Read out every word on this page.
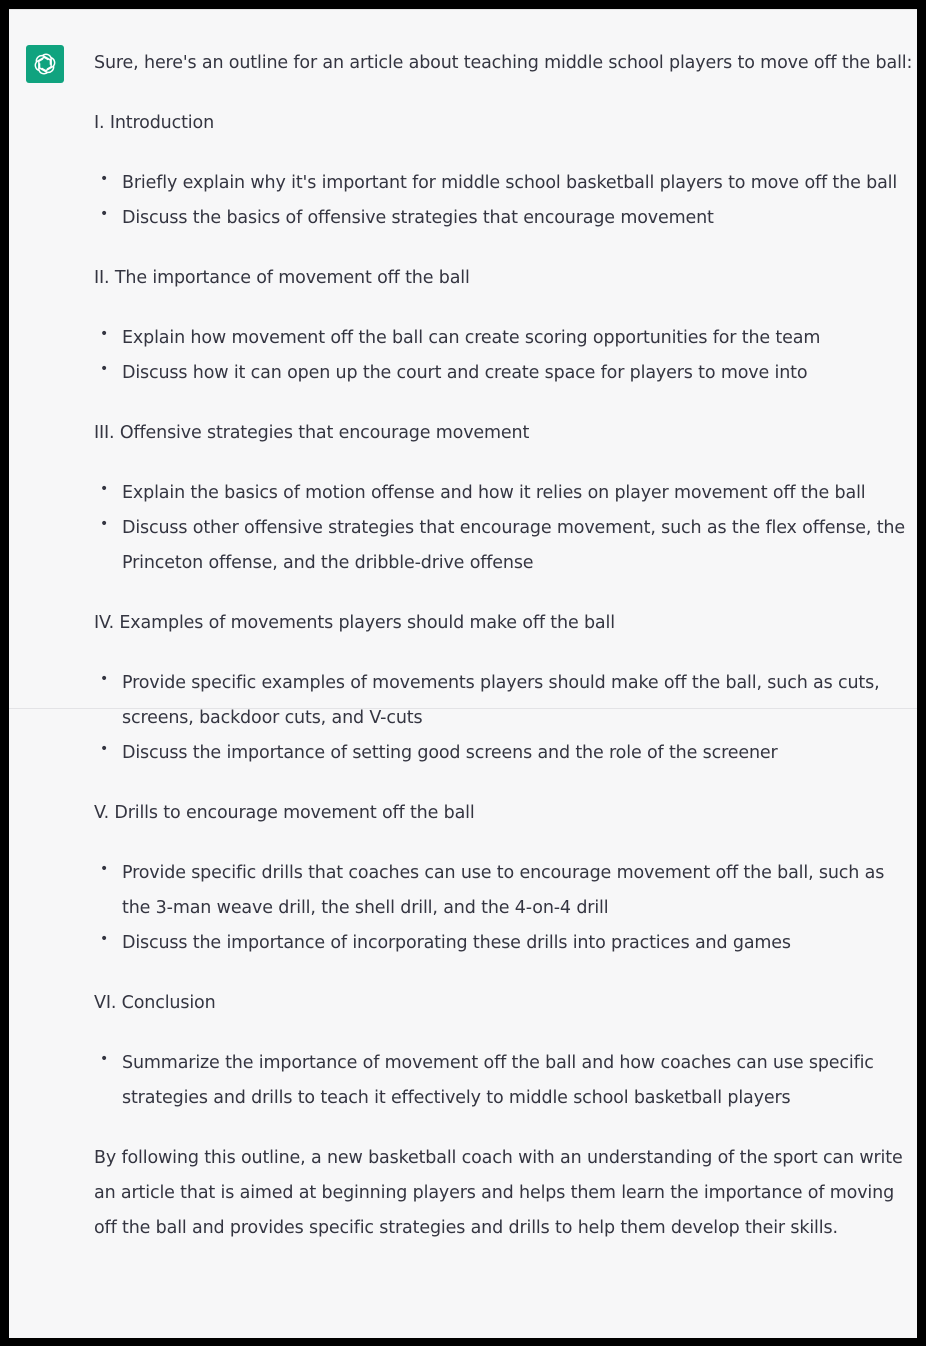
Sure, here's an outline for an article about teaching middle school players to move off the ball:

I. Introduction

• Briefly explain why it's important for middle school basketball players to move off the ball
• Discuss the basics of offensive strategies that encourage movement

II. The importance of movement off the ball

• Explain how movement off the ball can create scoring opportunities for the team
• Discuss how it can open up the court and create space for players to move into

III. Offensive strategies that encourage movement

• Explain the basics of motion offense and how it relies on player movement off the ball
• Discuss other offensive strategies that encourage movement, such as the flex offense, the Princeton offense, and the dribble-drive offense

IV. Examples of movements players should make off the ball

• Provide specific examples of movements players should make off the ball, such as cuts, screens, backdoor cuts, and V-cuts
• Discuss the importance of setting good screens and the role of the screener

V. Drills to encourage movement off the ball

• Provide specific drills that coaches can use to encourage movement off the ball, such as the 3-man weave drill, the shell drill, and the 4-on-4 drill
• Discuss the importance of incorporating these drills into practices and games

VI. Conclusion

• Summarize the importance of movement off the ball and how coaches can use specific strategies and drills to teach it effectively to middle school basketball players

By following this outline, a new basketball coach with an understanding of the sport can write an article that is aimed at beginning players and helps them learn the importance of moving off the ball and provides specific strategies and drills to help them develop their skills.
